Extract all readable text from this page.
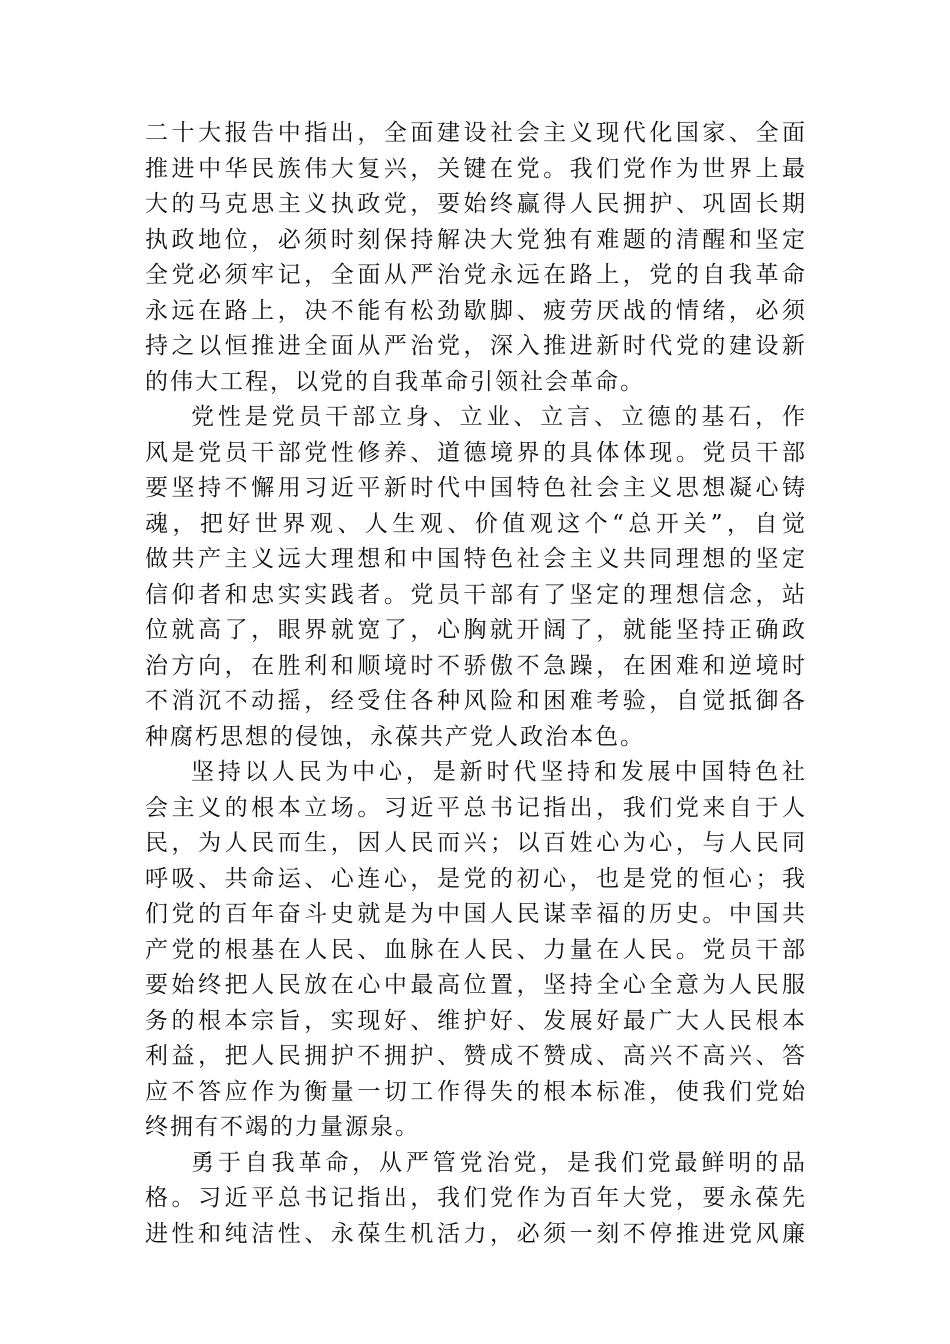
二十大报告中指出，全面建设社会主义现代化国家、全面
推进中华民族伟大复兴，关键在党。我们党作为世界上最
大的马克思主义执政党，要始终赢得人民拥护、巩固长期
执政地位，必须时刻保持解决大党独有难题的清醒和坚定
全党必须牢记，全面从严治党永远在路上，党的自我革命
永远在路上，决不能有松劲歇脚、疲劳厌战的情绪，必须
持之以恒推进全面从严治党，深入推进新时代党的建设新
的伟大工程，以党的自我革命引领社会革命。
党性是党员干部立身、立业、立言、立德的基石，作
风是党员干部党性修养、道德境界的具体体现。党员干部
要坚持不懈用习近平新时代中国特色社会主义思想凝心铸
魂，把好世界观、人生观、价值观这个“总开关”，自觉
做共产主义远大理想和中国特色社会主义共同理想的坚定
信仰者和忠实实践者。党员干部有了坚定的理想信念，站
位就高了，眼界就宽了，心胸就开阔了，就能坚持正确政
治方向，在胜利和顺境时不骄傲不急躁，在困难和逆境时
不消沉不动摇，经受住各种风险和困难考验，自觉抵御各
种腐朽思想的侵蚀，永葆共产党人政治本色。
坚持以人民为中心，是新时代坚持和发展中国特色社
会主义的根本立场。习近平总书记指出，我们党来自于人
民，为人民而生，因人民而兴；以百姓心为心，与人民同
呼吸、共命运、心连心，是党的初心，也是党的恒心；我
们党的百年奋斗史就是为中国人民谋幸福的历史。中国共
产党的根基在人民、血脉在人民、力量在人民。党员干部
要始终把人民放在心中最高位置，坚持全心全意为人民服
务的根本宗旨，实现好、维护好、发展好最广大人民根本
利益，把人民拥护不拥护、赞成不赞成、高兴不高兴、答
应不答应作为衡量一切工作得失的根本标准，使我们党始
终拥有不竭的力量源泉。
勇于自我革命，从严管党治党，是我们党最鲜明的品
格。习近平总书记指出，我们党作为百年大党，要永葆先
进性和纯洁性、永葆生机活力，必须一刻不停推进党风廉
